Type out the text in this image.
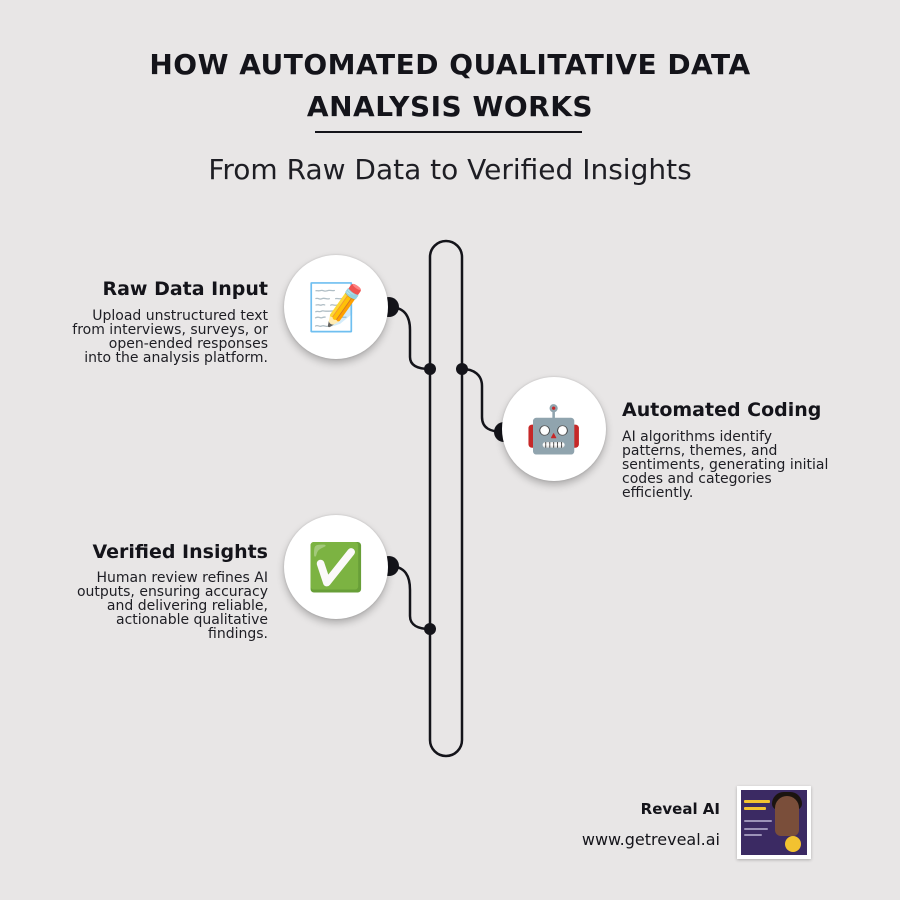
HOW AUTOMATED QUALITATIVE DATA
ANALYSIS WORKS
From Raw Data to Verified Insights
📝
Raw Data Input
Upload unstructured text
from interviews, surveys, or
open-ended responses
into the analysis platform.
🤖 Automated Coding
AI algorithms identify
patterns, themes, and
sentiments, generating initial
codes and categories
efficiently.
✅
Verified Insights
Human review refines AI
outputs, ensuring accuracy
and delivering reliable,
actionable qualitative
findings.
Reveal AI
www.getreveal.ai
